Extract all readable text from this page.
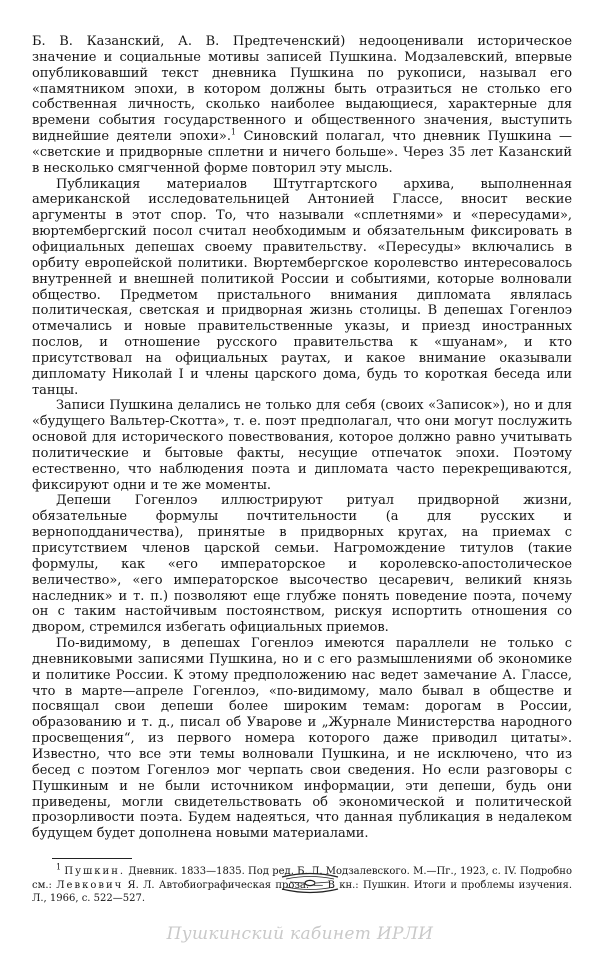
Б. В. Казанский, А. В. Предтеченский) недооценивали историческое значение и социальные мотивы записей Пушкина. Модзалевский, впервые опубликовавший текст дневника Пушкина по рукописи, называл его «памятником эпохи, в котором должны быть отразиться не столько его собственная личность, сколько наиболее выдающиеся, характерные для времени события государственного и общественного значения, выступить виднейшие деятели эпохи».$^1$ Синовский полагал, что дневник Пушкина — «светские и придворные сплетни и ничего больше». Через 35 лет Казанский в несколько смягченной форме повторил эту мысль.

Публикация материалов Штутгартского архива, выполненная американской исследовательницей Антонией Глассе, вносит веские аргументы в этот спор. То, что называли «сплетнями» и «пересудами», вюртембергский посол считал необходимым и обязательным фиксировать в официальных депешах своему правительству. «Пересуды» включались в орбиту европейской политики. Вюртембергское королевство интересовалось внутренней и внешней политикой России и событиями, которые волновали общество. Предметом пристального внимания дипломата являлась политическая, светская и придворная жизнь столицы. В депешах Гогенлоэ отмечались и новые правительственные указы, и приезд иностранных послов, и отношение русского правительства к «шуанам», и кто присутствовал на официальных раутах, и какое внимание оказывали дипломату Николай I и члены царского дома, будь то короткая беседа или танцы.

Записи Пушкина делались не только для себя (своих «Записок»), но и для «будущего Вальтер-Скотта», т. е. поэт предполагал, что они могут послужить основой для исторического повествования, которое должно равно учитывать политические и бытовые факты, несущие отпечаток эпохи. Поэтому естественно, что наблюдения поэта и дипломата часто перекрещиваются, фиксируют одни и те же моменты.

Депеши Гогенлоэ иллюстрируют ритуал придворной жизни, обязательные формулы почтительности (а для русских и верноподданичества), принятые в придворных кругах, на приемах с присутствием членов царской семьи. Нагромождение титулов (такие формулы, как «его императорское и королевско-апостолическое величество», «его императорское высочество цесаревич, великий князь наследник» и т. п.) позволяют еще глубже понять поведение поэта, почему он с таким настойчивым постоянством, рискуя испортить отношения со двором, стремился избегать официальных приемов.

По-видимому, в депешах Гогенлоэ имеются параллели не только с дневниковыми записями Пушкина, но и с его размышлениями об экономике и политике России. К этому предположению нас ведет замечание А. Глассе, что в марте—апреле Гогенлоэ, «по-видимому, мало бывал в обществе и посвящал свои депеши более широким темам: дорогам в России, образованию и т. д., писал об Уварове и „Журнале Министерства народного просвещения“, из первого номера которого даже приводил цитаты». Известно, что все эти темы волновали Пушкина, и не исключено, что из бесед с поэтом Гогенлоэ мог черпать свои сведения. Но если разговоры с Пушкиным и не были источником информации, эти депеши, будь они приведены, могли свидетельствовать об экономической и политической прозорливости поэта. Будем надеяться, что данная публикация в недалеком будущем будет дополнена новыми материалами.

$^1$ Пушкин. Дневник. 1833—1835. Под ред. Б. Л. Модзалевского. М.—Пг., 1923, с. IV. Подробно см.: Левкович Я. Л. Автобиографическая проза. — В кн.: Пушкин. Итоги и проблемы изучения. Л., 1966, с. 522—527.

Пушкинский кабинет ИРЛИ
